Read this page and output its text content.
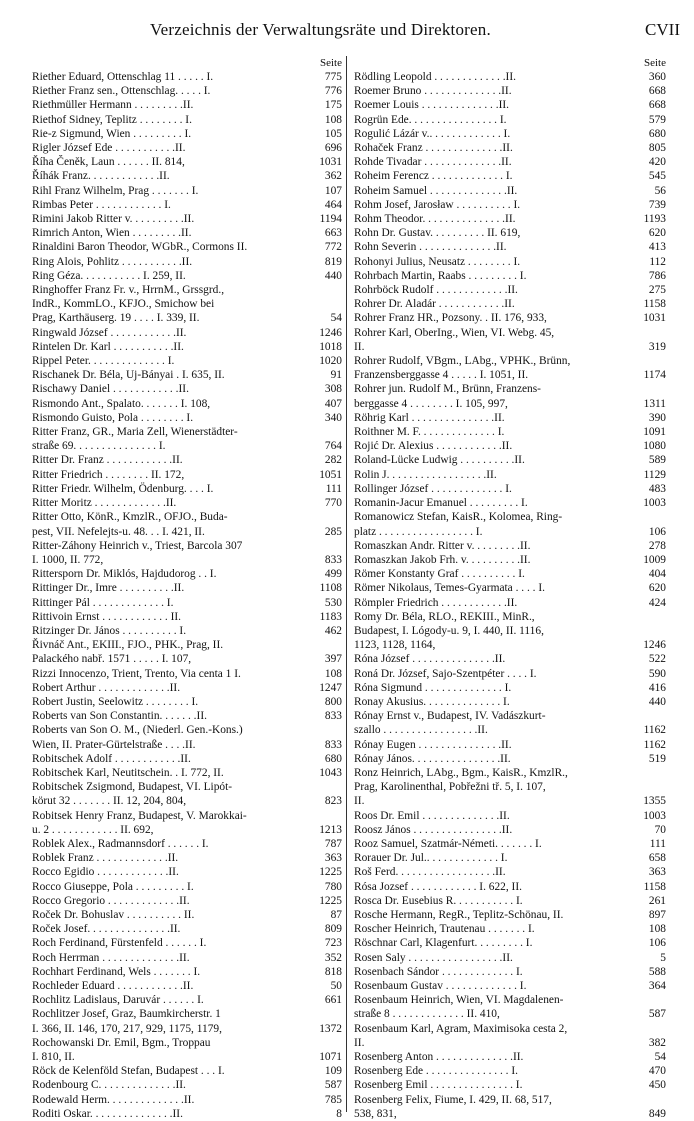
Verzeichnis der Verwaltungsräte und Direktoren.	CVII
Seite
Riether Eduard, Ottenschlag 11 . . . . . I.	775
Riether Franz sen., Ottenschlag. . . . . I.	776
Riethmüller Hermann . . . . . . . . .II.	175
Riethof Sidney, Teplitz . . . . . . . . I.	108
Rie-z Sigmund, Wien . . . . . . . . . I.	105
Rigler József Ede . . . . . . . . . . .II.	696
Říha Čeněk, Laun . . . . . . II. 814,	1031
Říhák Franz. . . . . . . . . . . . .II.	362
Rihl Franz Wilhelm, Prag . . . . . . . I.	107
Rimbas Peter . . . . . . . . . . . . I.	464
Rimini Jakob Ritter v. . . . . . . . . .II.	1194
Rimrich Anton, Wien . . . . . . . . .II.	663
Rinaldini Baron Theodor, WGbR., Cormons II.	772
Ring Alois, Pohlitz . . . . . . . . . . .II.	819
Ring Géza. . . . . . . . . . . I. 259, II.	440
Ringhoffer Franz Fr. v., HrrnM., Grssgrd.,
IndR., KommLO., KFJO., Smichow bei
Prag, Karthäuserg. 19 . . . . I. 339, II.	54
Ringwald József . . . . . . . . . . . .II.	1246
Rintelen Dr. Karl . . . . . . . . . . .II.	1018
Rippel Peter. . . . . . . . . . . . . . I.	1020
Rischanek Dr. Béla, Uj-Bányai . I. 635, II.	91
Rischawy Daniel . . . . . . . . . . . .II.	308
Rismondo Ant., Spalato. . . . . . . I. 108,	407
Rismondo Guisto, Pola . . . . . . . . I.	340
Ritter Franz, GR., Maria Zell, Wienerstädter-
straße 69. . . . . . . . . . . . . . . I.	764
Ritter Dr. Franz . . . . . . . . . . . .II.	282
Ritter Friedrich . . . . . . . . II. 172,	1051
Ritter Friedr. Wilhelm, Ödenburg. . . . I.	111
Ritter Moritz . . . . . . . . . . . . .II.	770
Ritter Otto, KönR., KmzlR., OFJO., Buda-
pest, VII. Nefelejts-u. 48. . . I. 421, II.	285
Ritter-Záhony Heinrich v., Triest, Barcola 307
I. 1000, II. 772,	833
Rittersporn Dr. Miklós, Hajdudorog . . I.	499
Rittinger Dr., Imre . . . . . . . . . .II.	1108
Rittinger Pál . . . . . . . . . . . . . I.	530
Rittivoin Ernst . . . . . . . . . . . . II.	1183
Ritzinger Dr. János . . . . . . . . . . I.	462
Řivnáč Ant., EKIII., FJO., PHK., Prag, II.
Palackého nabř. 1571 . . . . . I. 107,	397
Rizzi Innocenzo, Trient, Trento, Via centa 1 I.	108
Robert Arthur . . . . . . . . . . . . .II.	1247
Robert Justin, Seelowitz . . . . . . . . I.	800
Roberts van Son Constantin. . . . . . .II.	833
Roberts van Son O. M., (Niederl. Gen.-Kons.)
Wien, II. Prater-Gürtelstraße . . . .II.	833
Robitschek Adolf . . . . . . . . . . . .II.	680
Robitschek Karl, Neutitschein. . I. 772, II.	1043
Robitschek Zsigmond, Budapest, VI. Lipót-
körut 32 . . . . . . . II. 12, 204, 804,	823
Robitsek Henry Franz, Budapest, V. Marokkai-
u. 2 . . . . . . . . . . . . II. 692,	1213
Roblek Alex., Radmannsdorf . . . . . . I.	787
Roblek Franz . . . . . . . . . . . . .II.	363
Rocco Egidio . . . . . . . . . . . . .II.	1225
Rocco Giuseppe, Pola . . . . . . . . . I.	780
Rocco Gregorio . . . . . . . . . . . . .II.	1225
Roček Dr. Bohuslav . . . . . . . . . . II.	87
Roček Josef. . . . . . . . . . . . . . .II.	809
Roch Ferdinand, Fürstenfeld . . . . . . I.	723
Roch Herrman . . . . . . . . . . . . . .II.	352
Rochhart Ferdinand, Wels . . . . . . . I.	818
Rochleder Eduard . . . . . . . . . . . .II.	50
Rochlitz Ladislaus, Daruvár . . . . . . I.	661
Rochlitzer Josef, Graz, Baumkircherstr. 1
I. 366, II. 146, 170, 217, 929, 1175, 1179,	1372
Rochowanski Dr. Emil, Bgm., Troppau
I. 810, II.	1071
Röck de Kelenföld Stefan, Budapest . . . I.	109
Rodenbourg C. . . . . . . . . . . . . .II.	587
Rodewald Herm. . . . . . . . . . . . . .II.	785
Roditi Oskar. . . . . . . . . . . . . . .II.	8
Seite
Rödling Leopold . . . . . . . . . . . . .II.	360
Roemer Bruno . . . . . . . . . . . . . .II.	668
Roemer Louis . . . . . . . . . . . . . .II.	668
Rogrün Ede. . . . . . . . . . . . . . . . I.	579
Rogulić Lázár v.. . . . . . . . . . . . . I.	680
Rohaček Franz . . . . . . . . . . . . . .II.	805
Rohde Tivadar . . . . . . . . . . . . . .II.	420
Roheim Ferencz . . . . . . . . . . . . . I.	545
Roheim Samuel . . . . . . . . . . . . . .II.	56
Rohm Josef, Jarosław . . . . . . . . . . I.	739
Rohm Theodor. . . . . . . . . . . . . . .II.	1193
Rohn Dr. Gustav. . . . . . . . . . II. 619,	620
Rohn Severin . . . . . . . . . . . . . .II.	413
Rohonyi Julius, Neusatz . . . . . . . . I.	112
Rohrbach Martin, Raabs . . . . . . . . . I.	786
Rohrböck Rudolf . . . . . . . . . . . . .II.	275
Rohrer Dr. Aladár . . . . . . . . . . . .II.	1158
Rohrer Franz HR., Pozsony. . II. 176, 933,	1031
Rohrer Karl, OberIng., Wien, VI. Webg. 45,
II.	319
Rohrer Rudolf, VBgm., LAbg., VPHK., Brünn,
Franzensberggasse 4 . . . . . I. 1051, II.	1174
Rohrer jun. Rudolf M., Brünn, Franzens-
berggasse 4 . . . . . . . . I. 105, 997,	1311
Röhrig Karl . . . . . . . . . . . . . . .II.	390
Roithner M. F. . . . . . . . . . . . . . I.	1091
Rojić Dr. Alexius . . . . . . . . . . . .II.	1080
Roland-Lücke Ludwig . . . . . . . . . .II.	589
Rolin J. . . . . . . . . . . . . . . . . .II.	1129
Rollinger József . . . . . . . . . . . . . I.	483
Romanin-Jacur Emanuel . . . . . . . . . I.	1003
Romanowicz Stefan, KaisR., Kolomea, Ring-
platz . . . . . . . . . . . . . . . . . I.	106
Romaszkan Andr. Ritter v. . . . . . . . .II.	278
Romaszkan Jakob Frh. v. . . . . . . . . .II.	1009
Römer Konstanty Graf . . . . . . . . . . I.	404
Römer Nikolaus, Temes-Gyarmata . . . . I.	620
Römpler Friedrich . . . . . . . . . . . .II.	424
Romy Dr. Béla, RLO., REKIII., MinR.,
Budapest, I. Lógody-u. 9, I. 440, II. 1116,
1123, 1128, 1164,	1246
Róna József . . . . . . . . . . . . . . .II.	522
Roná Dr. József, Sajo-Szentpéter . . . . I.	590
Róna Sigmund . . . . . . . . . . . . . . I.	416
Ronay Akusius. . . . . . . . . . . . . . I.	440
Rónay Ernst v., Budapest, IV. Vadászkurt-
szallo . . . . . . . . . . . . . . . . .II.	1162
Rónay Eugen . . . . . . . . . . . . . . .II.	1162
Rónay János. . . . . . . . . . . . . . . .II.	519
Ronz Heinrich, LAbg., Bgm., KaisR., KmzlR.,
Prag, Karolinenthal, Pobřežni tř. 5, I. 107,
II.	1355
Roos Dr. Emil . . . . . . . . . . . . . .II.	1003
Roosz János . . . . . . . . . . . . . . . .II.	70
Rooz Samuel, Szatmár-Németi. . . . . . . I.	111
Rorauer Dr. Jul.. . . . . . . . . . . . . I.	658
Roš Ferd. . . . . . . . . . . . . . . . . .II.	363
Rósa Jozsef . . . . . . . . . . . . I. 622, II.	1158
Rosca Dr. Eusebius R. . . . . . . . . . . I.	261
Rosche Hermann, RegR., Teplitz-Schönau, II.	897
Roscher Heinrich, Trautenau . . . . . . . I.	108
Röschnar Carl, Klagenfurt. . . . . . . . . I.	106
Rosen Saly . . . . . . . . . . . . . . . . .II.	5
Rosenbach Sándor . . . . . . . . . . . . . I.	588
Rosenbaum Gustav . . . . . . . . . . . . . I.	364
Rosenbaum Heinrich, Wien, VI. Magdalenen-
straße 8 . . . . . . . . . . . . . II. 410,	587
Rosenbaum Karl, Agram, Maximisoka cesta 2,
II.	382
Rosenberg Anton . . . . . . . . . . . . . .II.	54
Rosenberg Ede . . . . . . . . . . . . . . . I.	470
Rosenberg Emil . . . . . . . . . . . . . . . I.	450
Rosenberg Felix, Fiume, I. 429, II. 68, 517,
538, 831,	849
